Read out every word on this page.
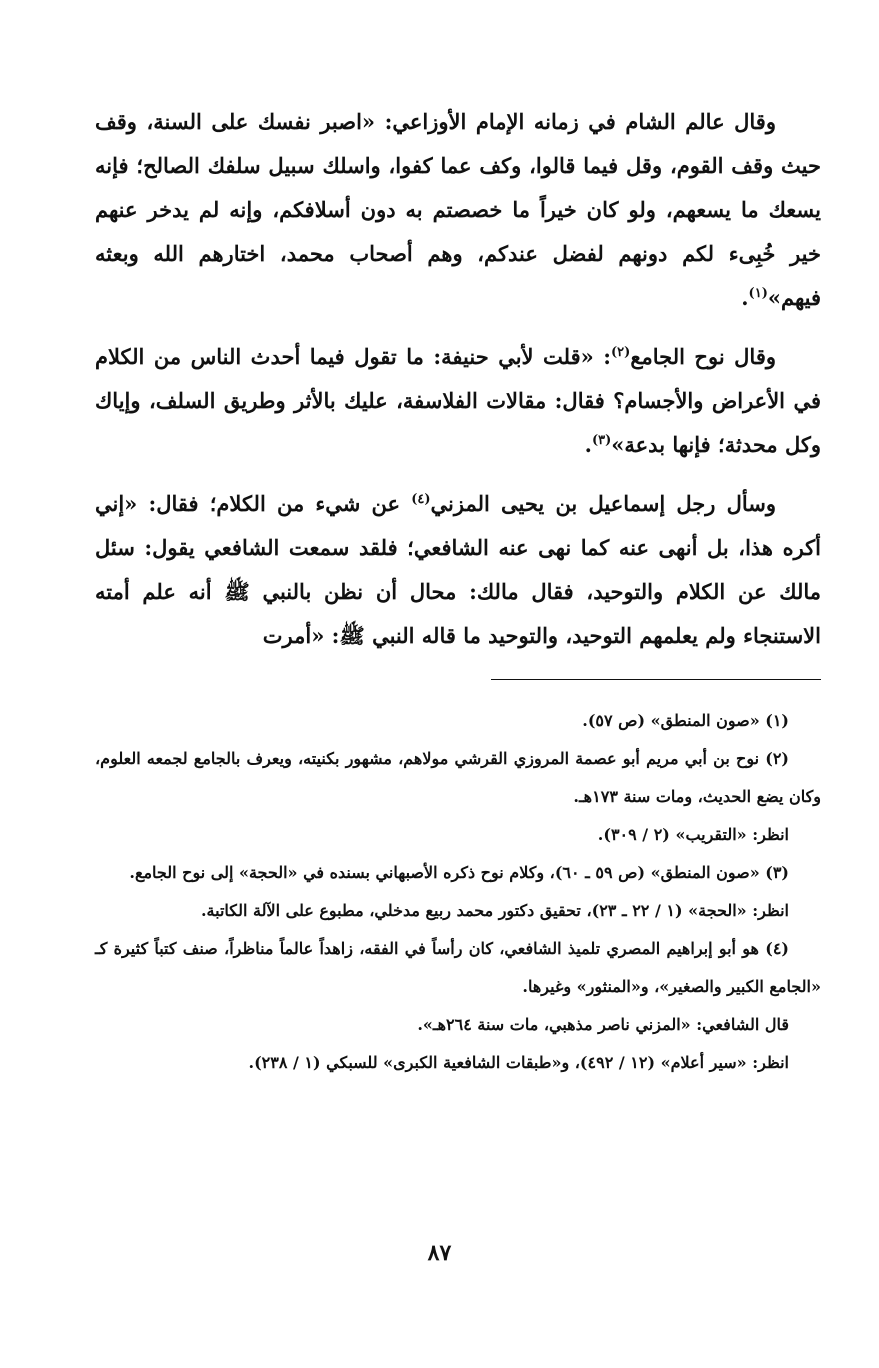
وقال عالم الشام في زمانه الإمام الأوزاعي: «اصبر نفسك على السنة، وقف حيث وقف القوم، وقل فيما قالوا، وكف عما كفوا، واسلك سبيل سلفك الصالح؛ فإنه يسعك ما يسعهم، ولو كان خيراً ما خصصتم به دون أسلافكم، وإنه لم يدخر عنهم خير خُبِىء لكم دونهم لفضل عندكم، وهم أصحاب محمد، اختارهم الله وبعثه فيهم»$^{(١)}$.

وقال نوح الجامع$^{(٢)}$: «قلت لأبي حنيفة: ما تقول فيما أحدث الناس من الكلام في الأعراض والأجسام؟ فقال: مقالات الفلاسفة، عليك بالأثر وطريق السلف، وإياك وكل محدثة؛ فإنها بدعة»$^{(٣)}$.

وسأل رجل إسماعيل بن يحيى المزني$^{(٤)}$ عن شيء من الكلام؛ فقال: «إني أكره هذا، بل أنهى عنه كما نهى عنه الشافعي؛ فلقد سمعت الشافعي يقول: سئل مالك عن الكلام والتوحيد، فقال مالك: محال أن نظن بالنبي ﷺ أنه علم أمته الاستنجاء ولم يعلمهم التوحيد، والتوحيد ما قاله النبي ﷺ: «أمرت

(١) «صون المنطق» (ص ٥٧).

(٢) نوح بن أبي مريم أبو عصمة المروزي القرشي مولاهم، مشهور بكنيته، ويعرف بالجامع لجمعه العلوم، وكان يضع الحديث، ومات سنة ١٧٣هـ.

انظر: «التقريب» (٢ / ٣٠٩).

(٣) «صون المنطق» (ص ٥٩ ـ ٦٠)، وكلام نوح ذكره الأصبهاني بسنده في «الحجة» إلى نوح الجامع.

انظر: «الحجة» (١ / ٢٢ ـ ٢٣)، تحقيق دكتور محمد ربيع مدخلي، مطبوع على الآلة الكاتبة.

(٤) هو أبو إبراهيم المصري تلميذ الشافعي، كان رأساً في الفقه، زاهداً عالماً مناظراً، صنف كتباً كثيرة كـ «الجامع الكبير والصغير»، و«المنثور» وغيرها.

قال الشافعي: «المزني ناصر مذهبي، مات سنة ٢٦٤هـ».

انظر: «سير أعلام» (١٢ / ٤٩٢)، و«طبقات الشافعية الكبرى» للسبكي (١ / ٢٣٨).

٨٧
